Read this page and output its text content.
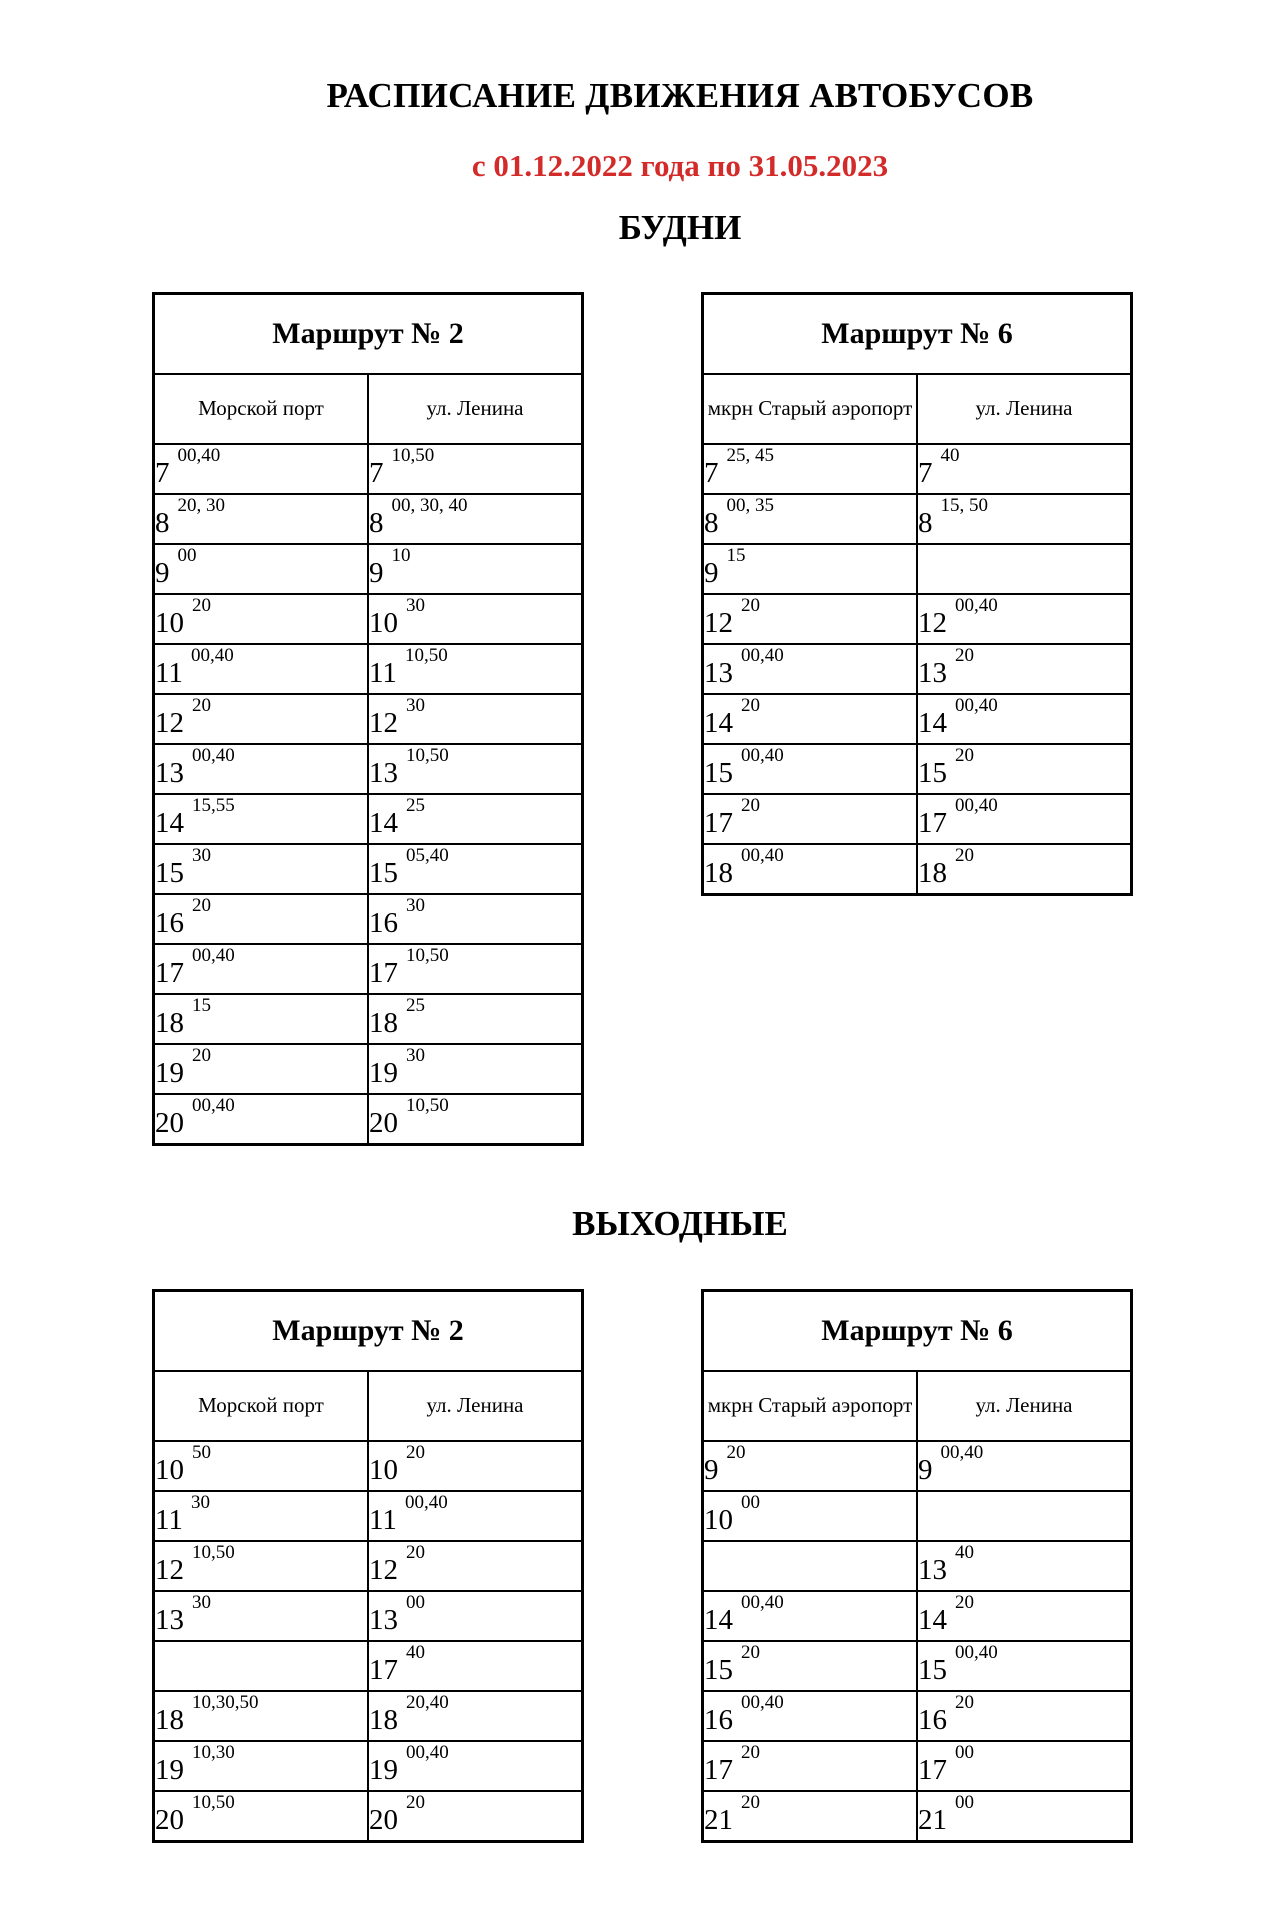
РАСПИСАНИЕ ДВИЖЕНИЯ АВТОБУСОВ
с 01.12.2022 года по 31.05.2023
БУДНИ
Маршрут № 2	
Морской порт	ул. Ленина
700,40	710,50
820, 30	800, 30, 40
900	910
1020	1030
1100,40	1110,50
1220	1230
1300,40	1310,50
1415,55	1425
1530	1505,40
1620	1630
1700,40	1710,50
1815	1825
1920	1930
2000,40	2010,50
Маршрут № 6	
мкрн Старый аэропорт	ул. Ленина
725, 45	740
800, 35	815, 50
915	
1220	1200,40
1300,40	1320
1420	1400,40
1500,40	1520
1720	1700,40
1800,40	1820
ВЫХОДНЫЕ
Маршрут № 2	
Морской порт	ул. Ленина
1050	1020
1130	1100,40
1210,50	1220
1330	1300
	1740
1810,30,50	1820,40
1910,30	1900,40
2010,50	2020
Маршрут № 6	
мкрн Старый аэропорт	ул. Ленина
920	900,40
1000	
	1340
1400,40	1420
1520	1500,40
1600,40	1620
1720	1700
2120	2100
